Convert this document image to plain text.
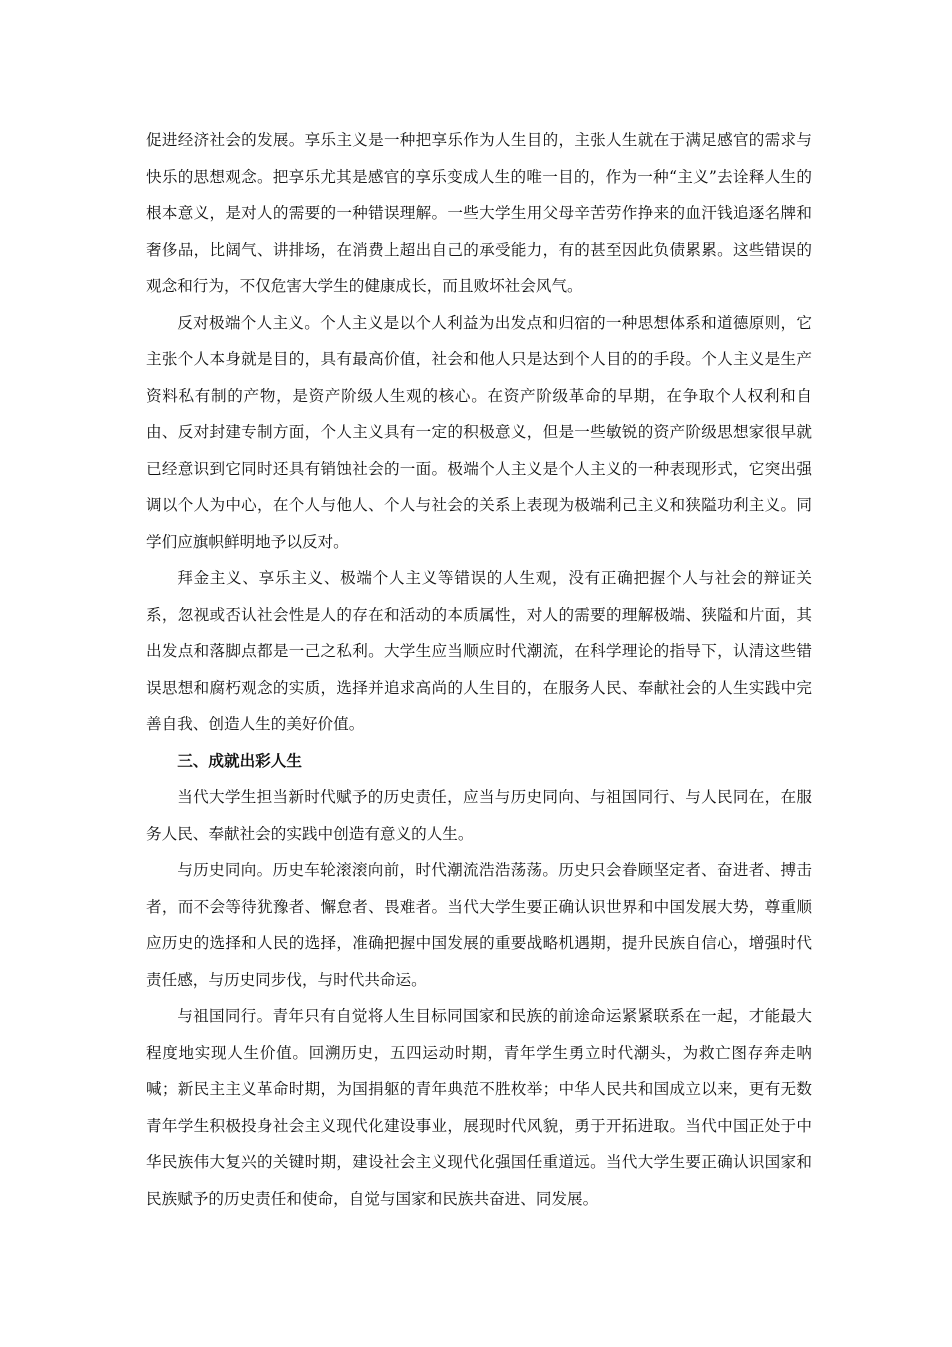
促进经济社会的发展。享乐主义是一种把享乐作为人生目的，主张人生就在于满足感官的需求与快乐的思想观念。把享乐尤其是感官的享乐变成人生的唯一目的，作为一种“主义”去诠释人生的根本意义，是对人的需要的一种错误理解。一些大学生用父母辛苦劳作挣来的血汗钱追逐名牌和奢侈品，比阔气、讲排场，在消费上超出自己的承受能力，有的甚至因此负债累累。这些错误的观念和行为，不仅危害大学生的健康成长，而且败坏社会风气。

反对极端个人主义。个人主义是以个人利益为出发点和归宿的一种思想体系和道德原则，它主张个人本身就是目的，具有最高价值，社会和他人只是达到个人目的的手段。个人主义是生产资料私有制的产物，是资产阶级人生观的核心。在资产阶级革命的早期，在争取个人权利和自由、反对封建专制方面，个人主义具有一定的积极意义，但是一些敏锐的资产阶级思想家很早就已经意识到它同时还具有销蚀社会的一面。极端个人主义是个人主义的一种表现形式，它突出强调以个人为中心，在个人与他人、个人与社会的关系上表现为极端利己主义和狭隘功利主义。同学们应旗帜鲜明地予以反对。

拜金主义、享乐主义、极端个人主义等错误的人生观，没有正确把握个人与社会的辩证关系，忽视或否认社会性是人的存在和活动的本质属性，对人的需要的理解极端、狭隘和片面，其出发点和落脚点都是一己之私利。大学生应当顺应时代潮流，在科学理论的指导下，认清这些错误思想和腐朽观念的实质，选择并追求高尚的人生目的，在服务人民、奉献社会的人生实践中完善自我、创造人生的美好价值。

三、成就出彩人生

当代大学生担当新时代赋予的历史责任，应当与历史同向、与祖国同行、与人民同在，在服务人民、奉献社会的实践中创造有意义的人生。

与历史同向。历史车轮滚滚向前，时代潮流浩浩荡荡。历史只会眷顾坚定者、奋进者、搏击者，而不会等待犹豫者、懈怠者、畏难者。当代大学生要正确认识世界和中国发展大势，尊重顺应历史的选择和人民的选择，准确把握中国发展的重要战略机遇期，提升民族自信心，增强时代责任感，与历史同步伐，与时代共命运。

与祖国同行。青年只有自觉将人生目标同国家和民族的前途命运紧紧联系在一起，才能最大程度地实现人生价值。回溯历史，五四运动时期，青年学生勇立时代潮头，为救亡图存奔走呐喊；新民主主义革命时期，为国捐躯的青年典范不胜枚举；中华人民共和国成立以来，更有无数青年学生积极投身社会主义现代化建设事业，展现时代风貌，勇于开拓进取。当代中国正处于中华民族伟大复兴的关键时期，建设社会主义现代化强国任重道远。当代大学生要正确认识国家和民族赋予的历史责任和使命，自觉与国家和民族共奋进、同发展。
